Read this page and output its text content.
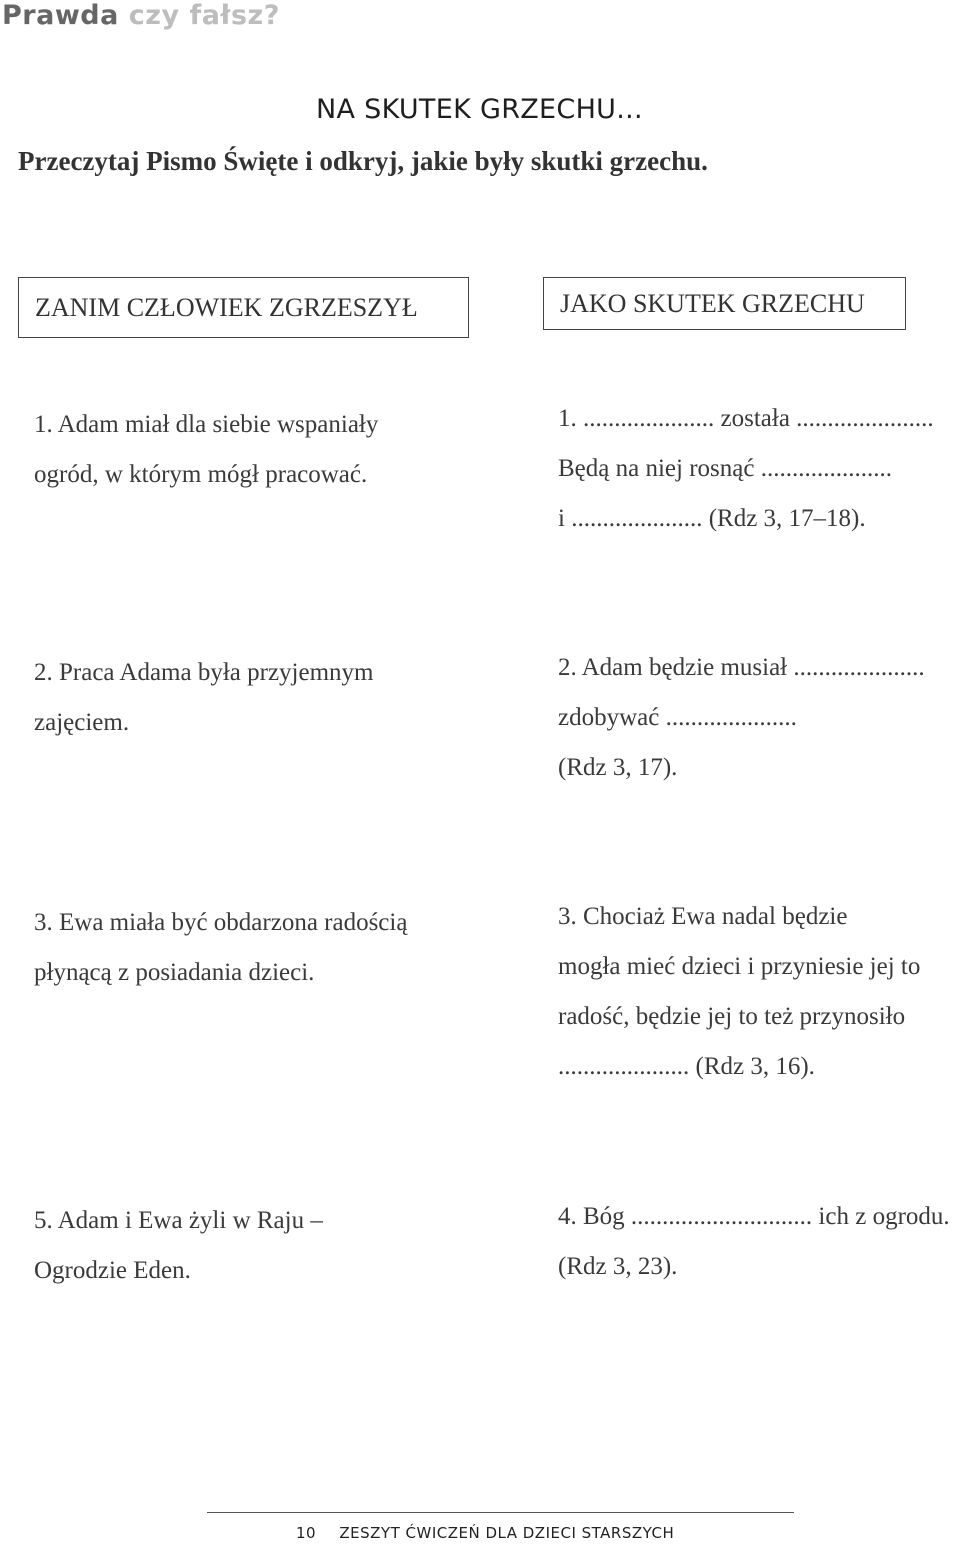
Prawda czy fałsz?
NA SKUTEK GRZECHU...
Przeczytaj Pismo Święte i odkryj, jakie były skutki grzechu.
ZANIM CZŁOWIEK ZGRZESZYŁ	JAKO SKUTEK GRZECHU
1. Adam miał dla siebie wspaniały
ogród, w którym mógł pracować.
2. Praca Adama była przyjemnym
zajęciem.
3. Ewa miała być obdarzona radością
płynącą z posiadania dzieci.
5. Adam i Ewa żyli w Raju –
Ogrodzie Eden.
1. ..................... została ......................
Będą na niej rosnąć .....................
i ..................... (Rdz 3, 17–18).
2. Adam będzie musiał .....................
zdobywać .....................
(Rdz 3, 17).
3. Chociaż Ewa nadal będzie
mogła mieć dzieci i przyniesie jej to
radość, będzie jej to też przynosiło
..................... (Rdz 3, 16).
4. Bóg ............................. ich z ogrodu.
(Rdz 3, 23).
10 ZESZYT ĆWICZEŃ DLA DZIECI STARSZYCH
